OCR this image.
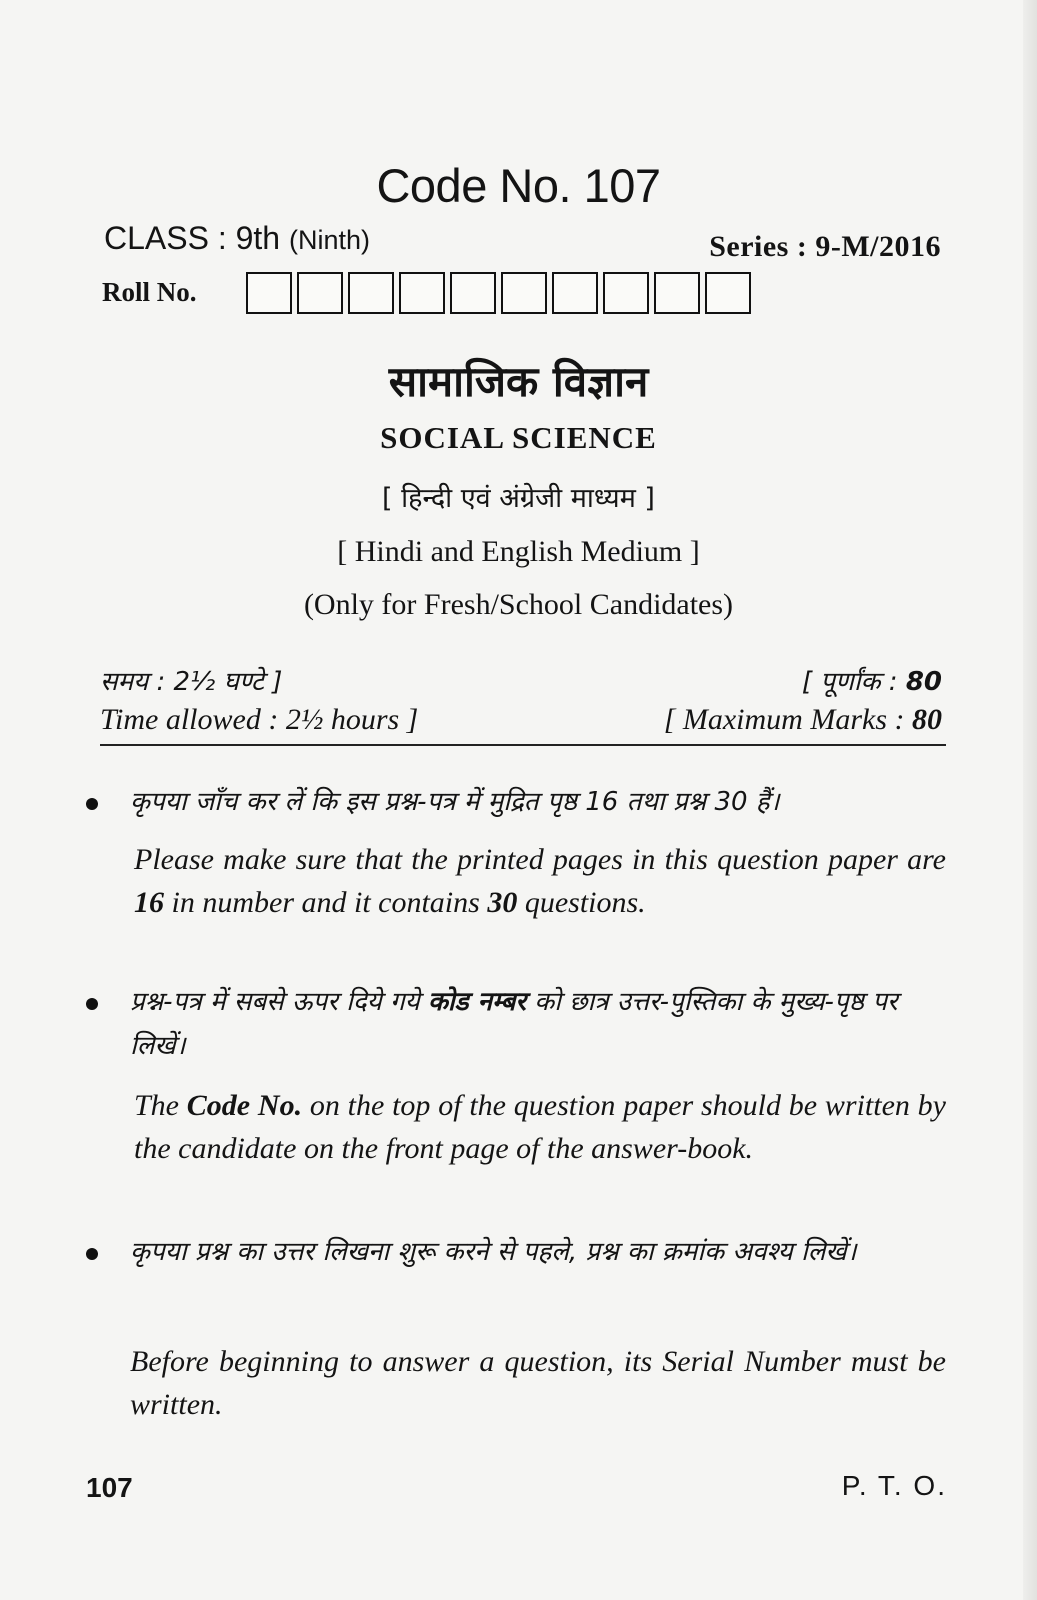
Code No. 107
CLASS : 9th (Ninth)	Series : 9-M/2016
Roll No.
सामाजिक विज्ञान
SOCIAL SCIENCE
[ हिन्दी एवं अंग्रेजी माध्यम ]
[ Hindi and English Medium ]
(Only for Fresh/School Candidates)
समय : 2½ घण्टे ]	[ पूर्णांक : 80
Time allowed : 2½ hours ]	[ Maximum Marks : 80
कृपया जाँच कर लें कि इस प्रश्न-पत्र में मुद्रित पृष्ठ 16 तथा प्रश्न 30 हैं।
Please make sure that the printed pages in this question paper are 16 in number and it contains 30 questions.
प्रश्न-पत्र में सबसे ऊपर दिये गये कोड नम्बर को छात्र उत्तर-पुस्तिका के मुख्य-पृष्ठ पर लिखें।
The Code No. on the top of the question paper should be written by the candidate on the front page of the answer-book.
कृपया प्रश्न का उत्तर लिखना शुरू करने से पहले, प्रश्न का क्रमांक अवश्य लिखें।
Before beginning to answer a question, its Serial Number must be written.
107	P. T. O.
